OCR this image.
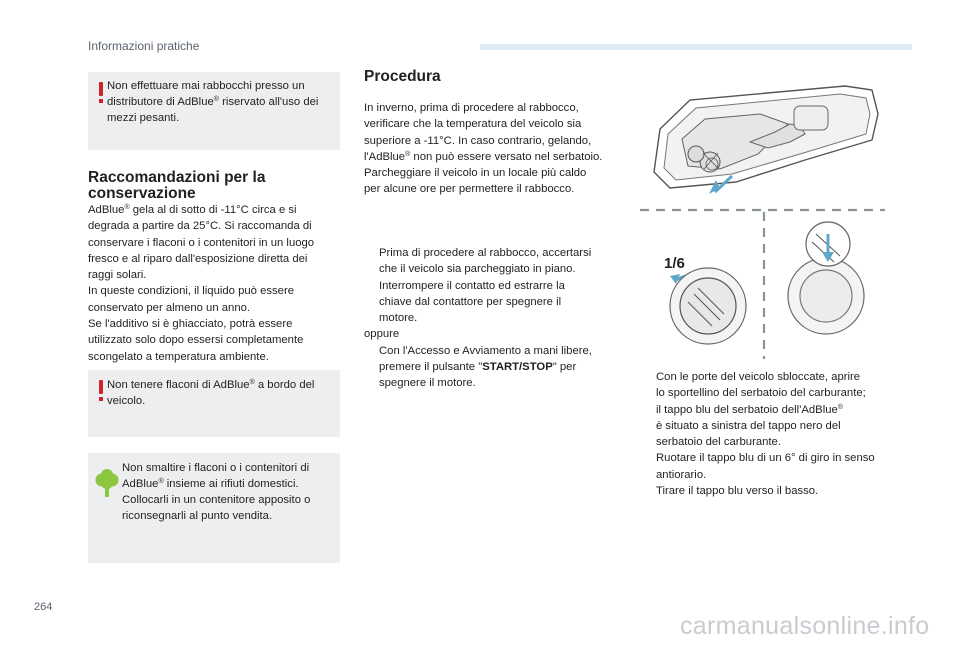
Informazioni pratiche
Non effettuare mai rabbocchi presso un
distributore di AdBlue® riservato all'uso dei
mezzi pesanti.
Raccomandazioni per la
conservazione

AdBlue® gela al di sotto di -11°C circa e si

degrada a partire da 25°C. Si raccomanda di

conservare i flaconi o i contenitori in un luogo

fresco e al riparo dall'esposizione diretta dei

raggi solari.

In queste condizioni, il liquido può essere

conservato per almeno un anno.

Se l'additivo si è ghiacciato, potrà essere

utilizzato solo dopo essersi completamente

scongelato a temperatura ambiente.

Non tenere flaconi di AdBlue® a bordo del
veicolo.
Non smaltire i flaconi o i contenitori di
AdBlue® insieme ai rifiuti domestici.
Collocarli in un contenitore apposito o
riconsegnarli al punto vendita.
Procedura

In inverno, prima di procedere al rabbocco,

verificare che la temperatura del veicolo sia

superiore a -11°C. In caso contrario, gelando,

l'AdBlue® non può essere versato nel serbatoio.

Parcheggiare il veicolo in un locale più caldo

per alcune ore per permettere il rabbocco.

Prima di procedere al rabbocco, accertarsi
che il veicolo sia parcheggiato in piano.
Interrompere il contatto ed estrarre la
chiave dal contattore per spegnere il
motore.
oppure
Con l'Accesso e Avviamento a mani libere,
premere il pulsante "START/STOP" per
spegnere il motore.
1/6
Con le porte del veicolo sbloccate, aprire
lo sportellino del serbatoio del carburante;
il tappo blu del serbatoio dell'AdBlue®
è situato a sinistra del tappo nero del
serbatoio del carburante.
Ruotare il tappo blu di un 6° di giro in senso
antiorario.
Tirare il tappo blu verso il basso.
264
carmanualsonline.info
